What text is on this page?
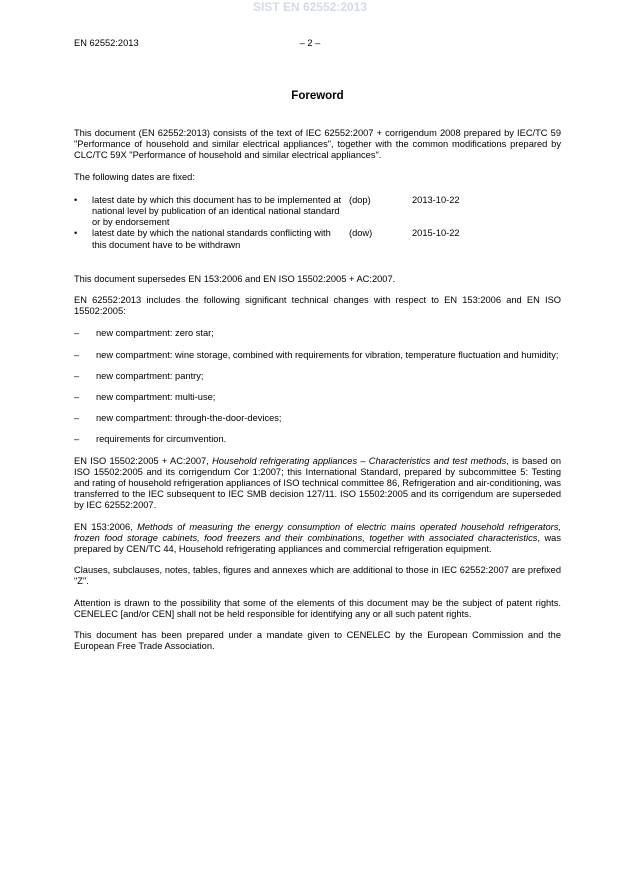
SIST EN 62552:2013
EN 62552:2013	– 2 –
Foreword

This document (EN 62552:2013) consists of the text of IEC 62552:2007 + corrigendum 2008 prepared by IEC/TC 59 "Performance of household and similar electrical appliances", together with the common modifications prepared by CLC/TC 59X "Performance of household and similar electrical appliances".

The following dates are fixed:

• latest date by which this document has to be implemented at national level by publication of an identical national standard or by endorsement
(dop)	2013-10-22
• latest date by which the national standards conflicting with this document have to be withdrawn
(dow)	2015-10-22

This document supersedes EN 153:2006 and EN ISO 15502:2005 + AC:2007.

EN 62552:2013 includes the following significant technical changes with respect to EN 153:2006 and EN ISO 15502:2005:

– new compartment: zero star;
– new compartment: wine storage, combined with requirements for vibration, temperature fluctuation and humidity;
– new compartment: pantry;
– new compartment: multi-use;
– new compartment: through-the-door-devices;
– requirements for circumvention.

EN ISO 15502:2005 + AC:2007, Household refrigerating appliances – Characteristics and test methods, is based on ISO 15502:2005 and its corrigendum Cor 1:2007; this International Standard, prepared by subcommittee 5: Testing and rating of household refrigeration appliances of ISO technical committee 86, Refrigeration and air-conditioning, was transferred to the IEC subsequent to IEC SMB decision 127/11. ISO 15502:2005 and its corrigendum are superseded by IEC 62552:2007.

EN 153:2006, Methods of measuring the energy consumption of electric mains operated household refrigerators, frozen food storage cabinets, food freezers and their combinations, together with associated characteristics, was prepared by CEN/TC 44, Household refrigerating appliances and commercial refrigeration equipment.

Clauses, subclauses, notes, tables, figures and annexes which are additional to those in IEC 62552:2007 are prefixed "Z".

Attention is drawn to the possibility that some of the elements of this document may be the subject of patent rights. CENELEC [and/or CEN] shall not be held responsible for identifying any or all such patent rights.

This document has been prepared under a mandate given to CENELEC by the European Commission and the European Free Trade Association.
